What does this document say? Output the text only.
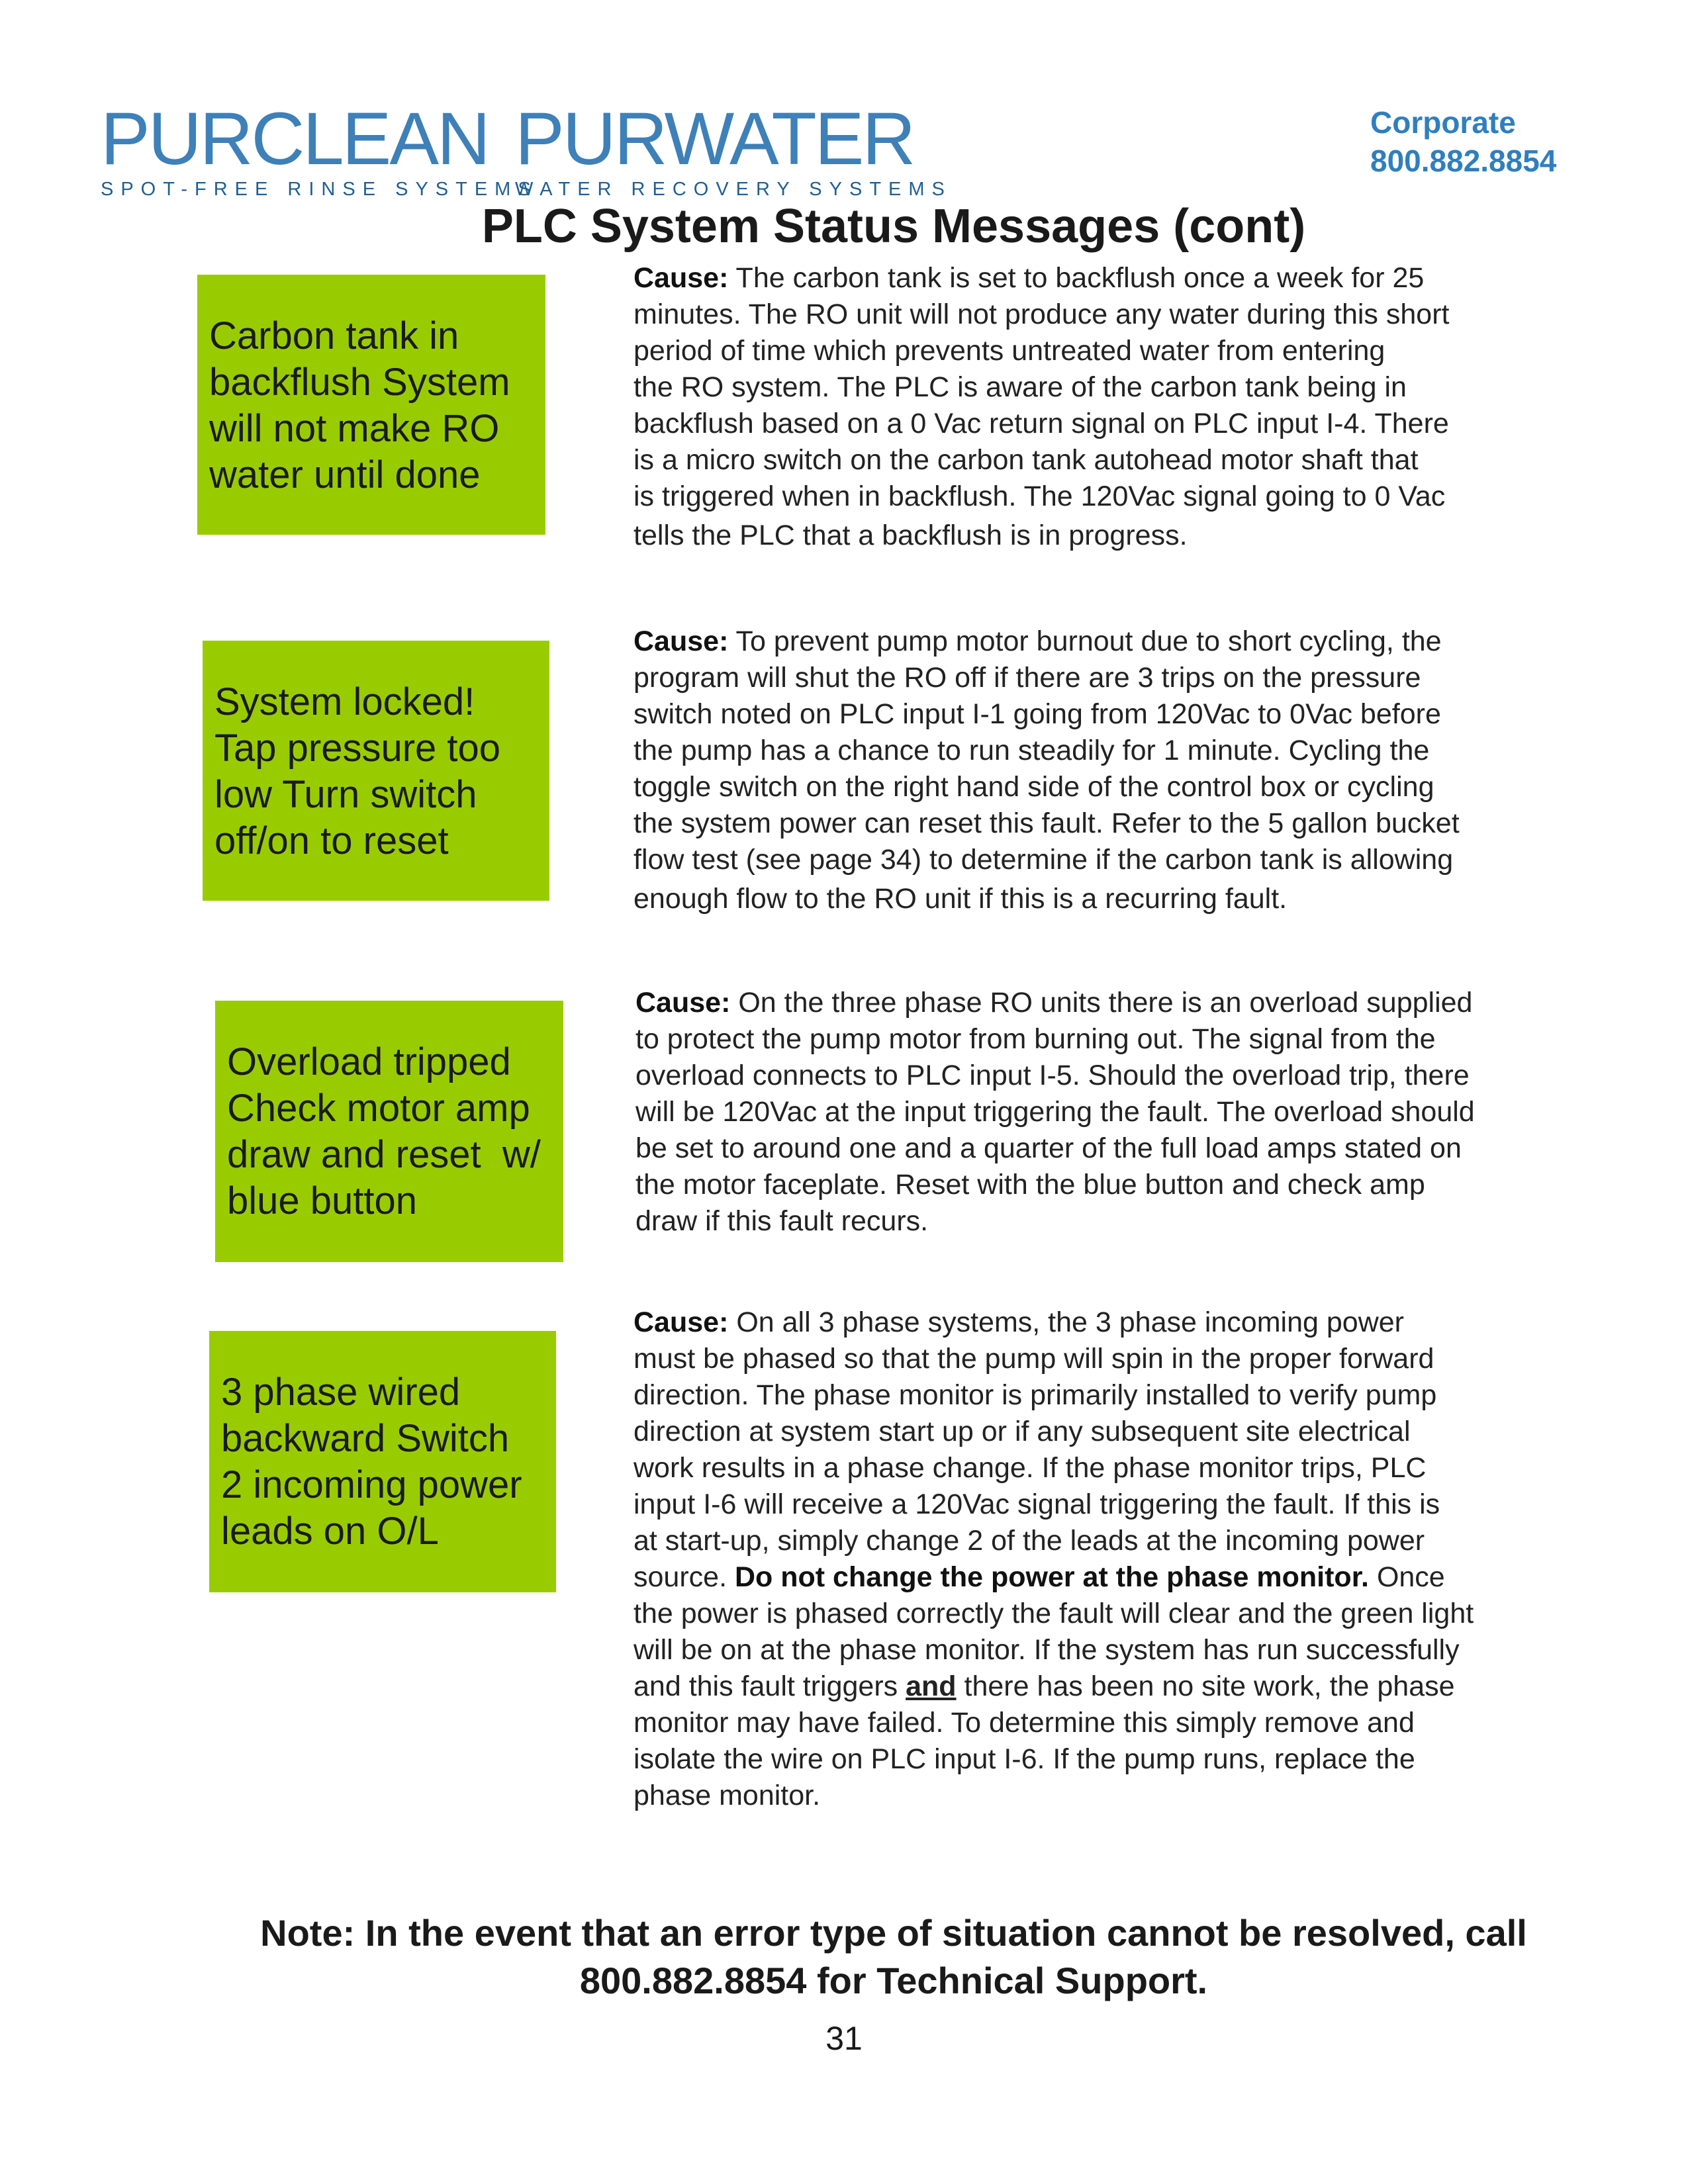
PURCLEAN
SPOT-FREE RINSE SYSTEMS
PURWATER
WATER RECOVERY SYSTEMS
Corporate
800.882.8854
PLC System Status Messages (cont)
Carbon tank in
backflush System
will not make RO
water until done
Cause: The carbon tank is set to backflush once a week for 25
minutes. The RO unit will not produce any water during this short
period of time which prevents untreated water from entering
the RO system. The PLC is aware of the carbon tank being in
backflush based on a 0 Vac return signal on PLC input I-4. There
is a micro switch on the carbon tank autohead motor shaft that
is triggered when in backflush. The 120Vac signal going to 0 Vac
tells the PLC that a backflush is in progress.
System locked!
Tap pressure too
low Turn switch
off/on to reset
Cause: To prevent pump motor burnout due to short cycling, the
program will shut the RO off if there are 3 trips on the pressure
switch noted on PLC input I-1 going from 120Vac to 0Vac before
the pump has a chance to run steadily for 1 minute. Cycling the
toggle switch on the right hand side of the control box or cycling
the system power can reset this fault. Refer to the 5 gallon bucket
flow test (see page 34) to determine if the carbon tank is allowing
enough flow to the RO unit if this is a recurring fault.
Overload tripped
Check motor amp
draw and reset  w/
blue button
Cause: On the three phase RO units there is an overload supplied
to protect the pump motor from burning out. The signal from the
overload connects to PLC input I-5. Should the overload trip, there
will be 120Vac at the input triggering the fault. The overload should
be set to around one and a quarter of the full load amps stated on
the motor faceplate. Reset with the blue button and check amp
draw if this fault recurs.
3 phase wired
backward Switch
2 incoming power
leads on O/L
Cause: On all 3 phase systems, the 3 phase incoming power
must be phased so that the pump will spin in the proper forward
direction. The phase monitor is primarily installed to verify pump
direction at system start up or if any subsequent site electrical
work results in a phase change. If the phase monitor trips, PLC
input I-6 will receive a 120Vac signal triggering the fault. If this is
at start-up, simply change 2 of the leads at the incoming power
source. Do not change the power at the phase monitor. Once
the power is phased correctly the fault will clear and the green light
will be on at the phase monitor. If the system has run successfully
and this fault triggers and there has been no site work, the phase
monitor may have failed. To determine this simply remove and
isolate the wire on PLC input I-6. If the pump runs, replace the
phase monitor.
Note: In the event that an error type of situation cannot be resolved, call
800.882.8854 for Technical Support.
31
